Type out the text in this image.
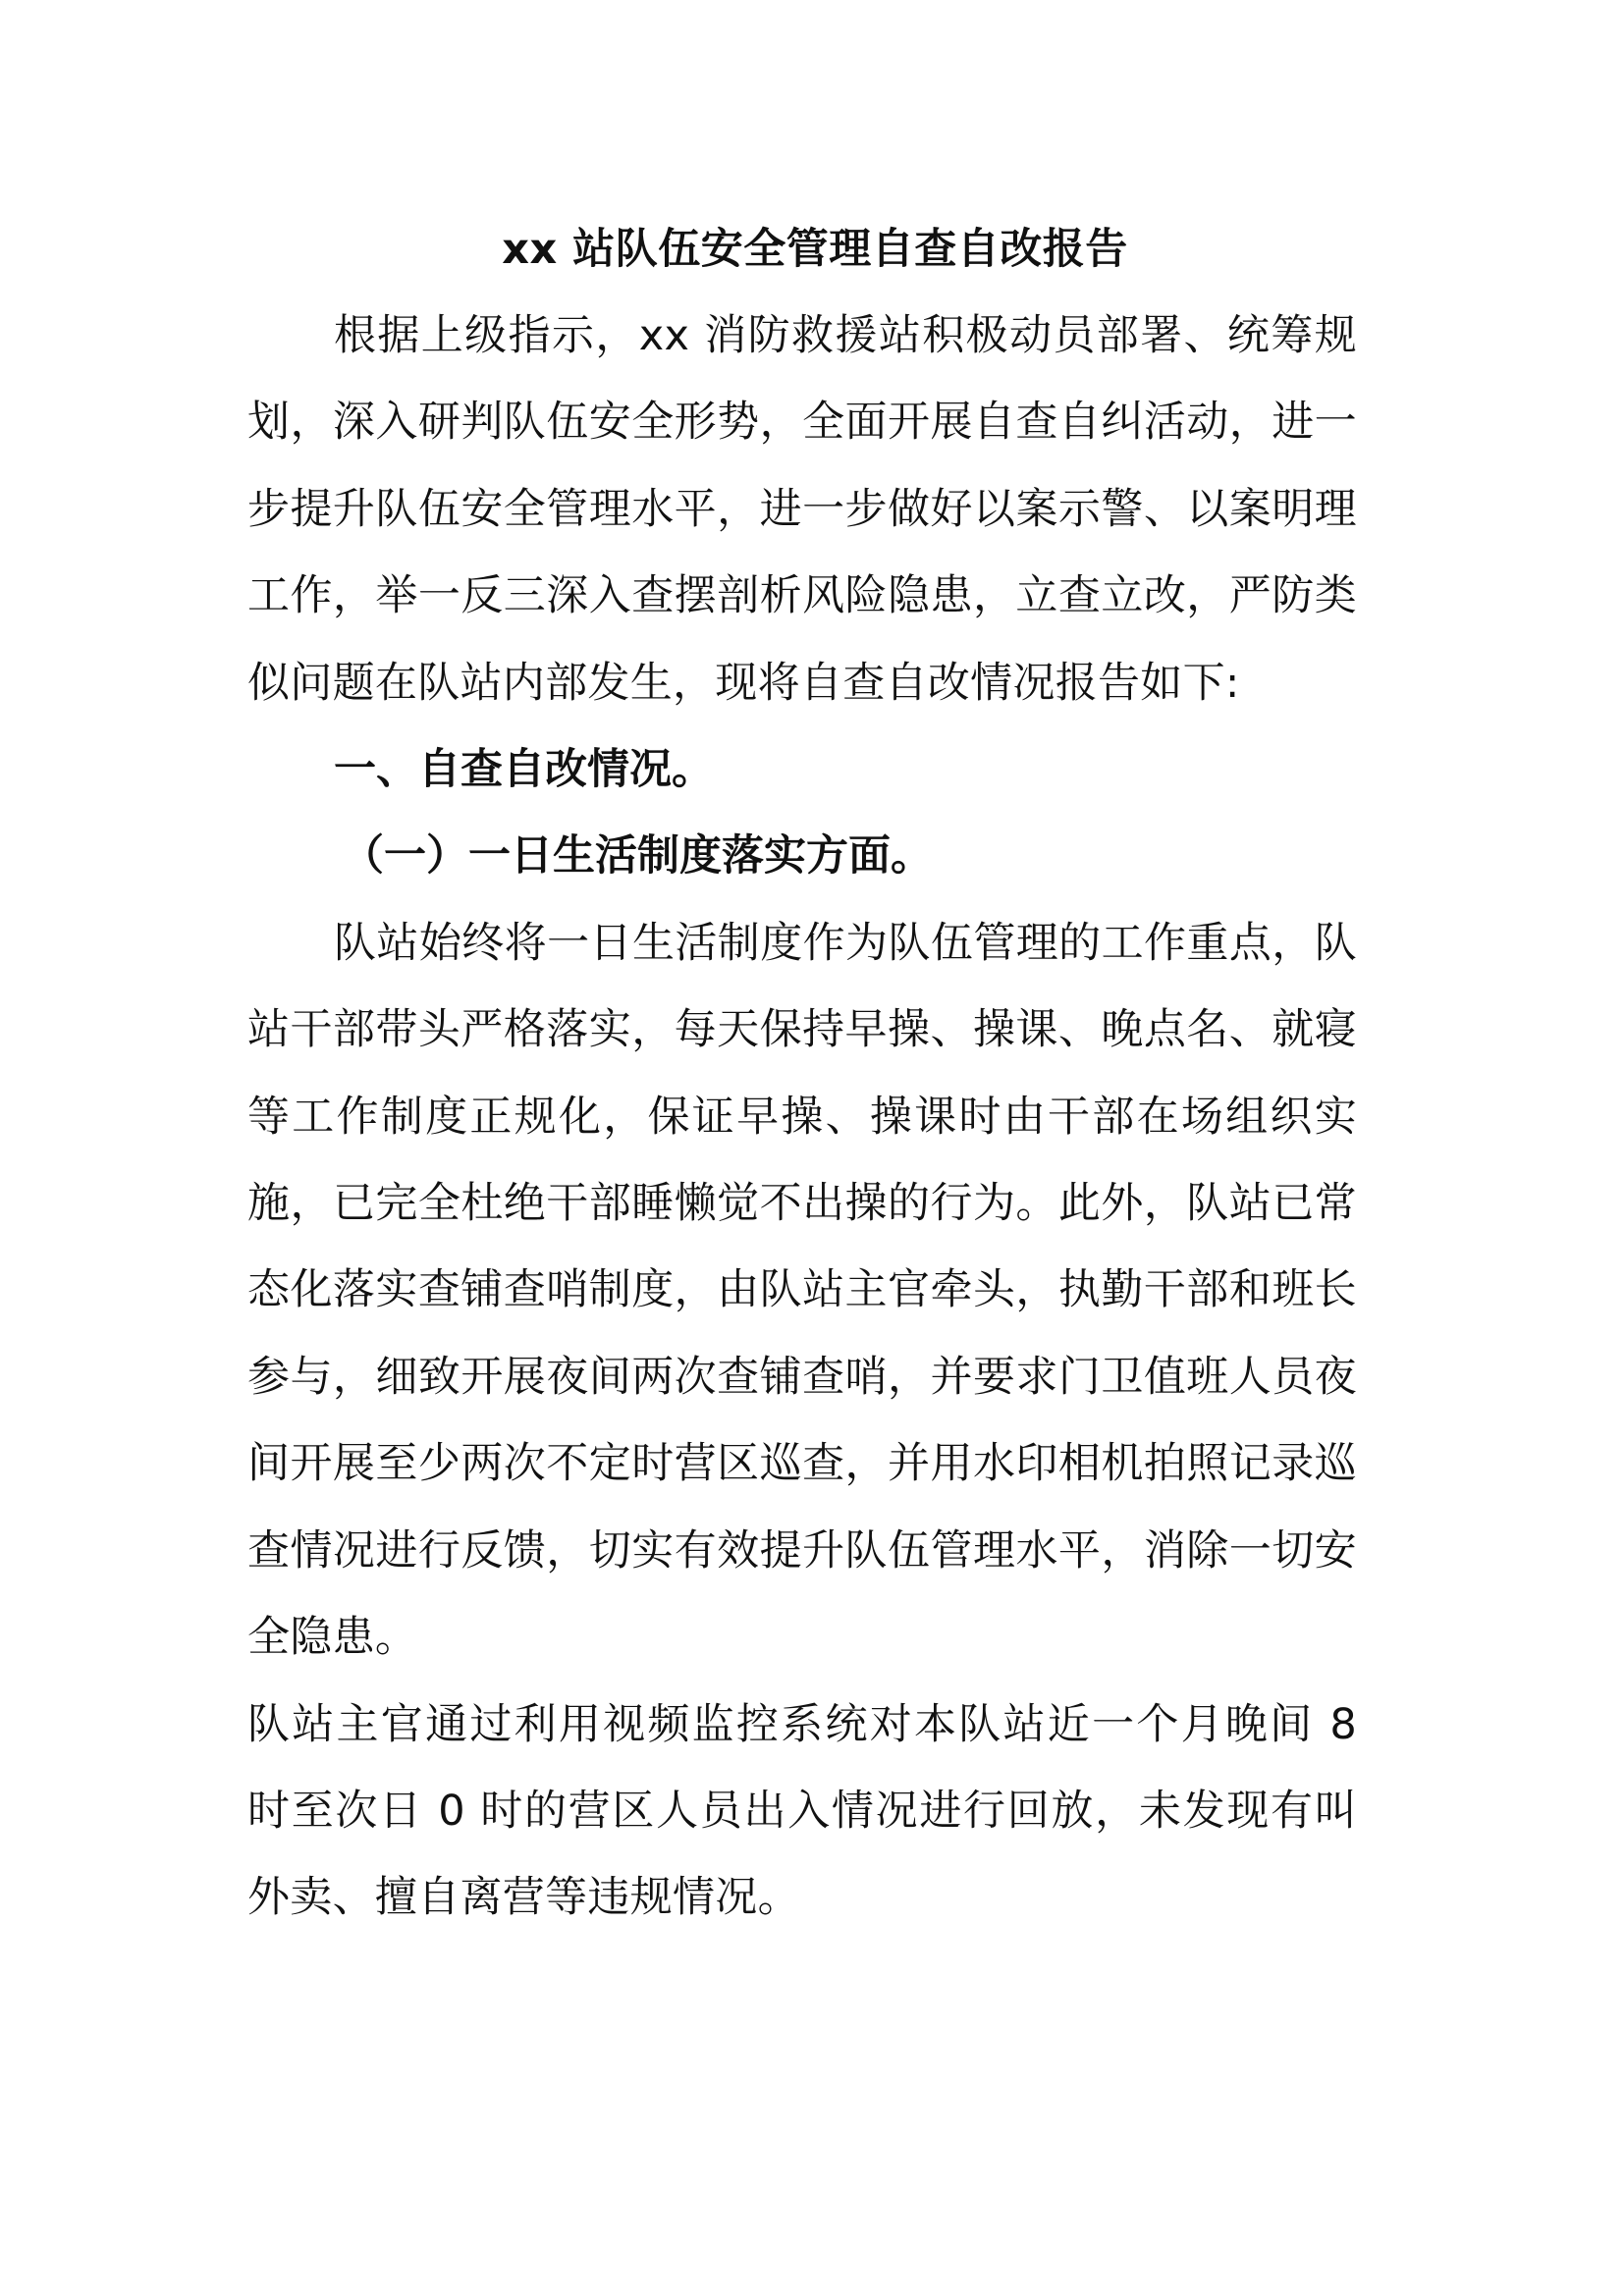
xx 站队伍安全管理自查自改报告

根据上级指示，xx 消防救援站积极动员部署、统筹规划，深入研判队伍安全形势，全面开展自查自纠活动，进一步提升队伍安全管理水平，进一步做好以案示警、以案明理工作，举一反三深入查摆剖析风险隐患，立查立改，严防类似问题在队站内部发生，现将自查自改情况报告如下:

一、自查自改情况。

（一）一日生活制度落实方面。

队站始终将一日生活制度作为队伍管理的工作重点，队站干部带头严格落实，每天保持早操、操课、晚点名、就寝等工作制度正规化，保证早操、操课时由干部在场组织实施，已完全杜绝干部睡懒觉不出操的行为。此外，队站已常态化落实查铺查哨制度，由队站主官牵头，执勤干部和班长参与，细致开展夜间两次查铺查哨，并要求门卫值班人员夜间开展至少两次不定时营区巡查，并用水印相机拍照记录巡查情况进行反馈，切实有效提升队伍管理水平，消除一切安全隐患。

队站主官通过利用视频监控系统对本队站近一个月晚间 8 时至次日 0 时的营区人员出入情况进行回放，未发现有叫外卖、擅自离营等违规情况。
